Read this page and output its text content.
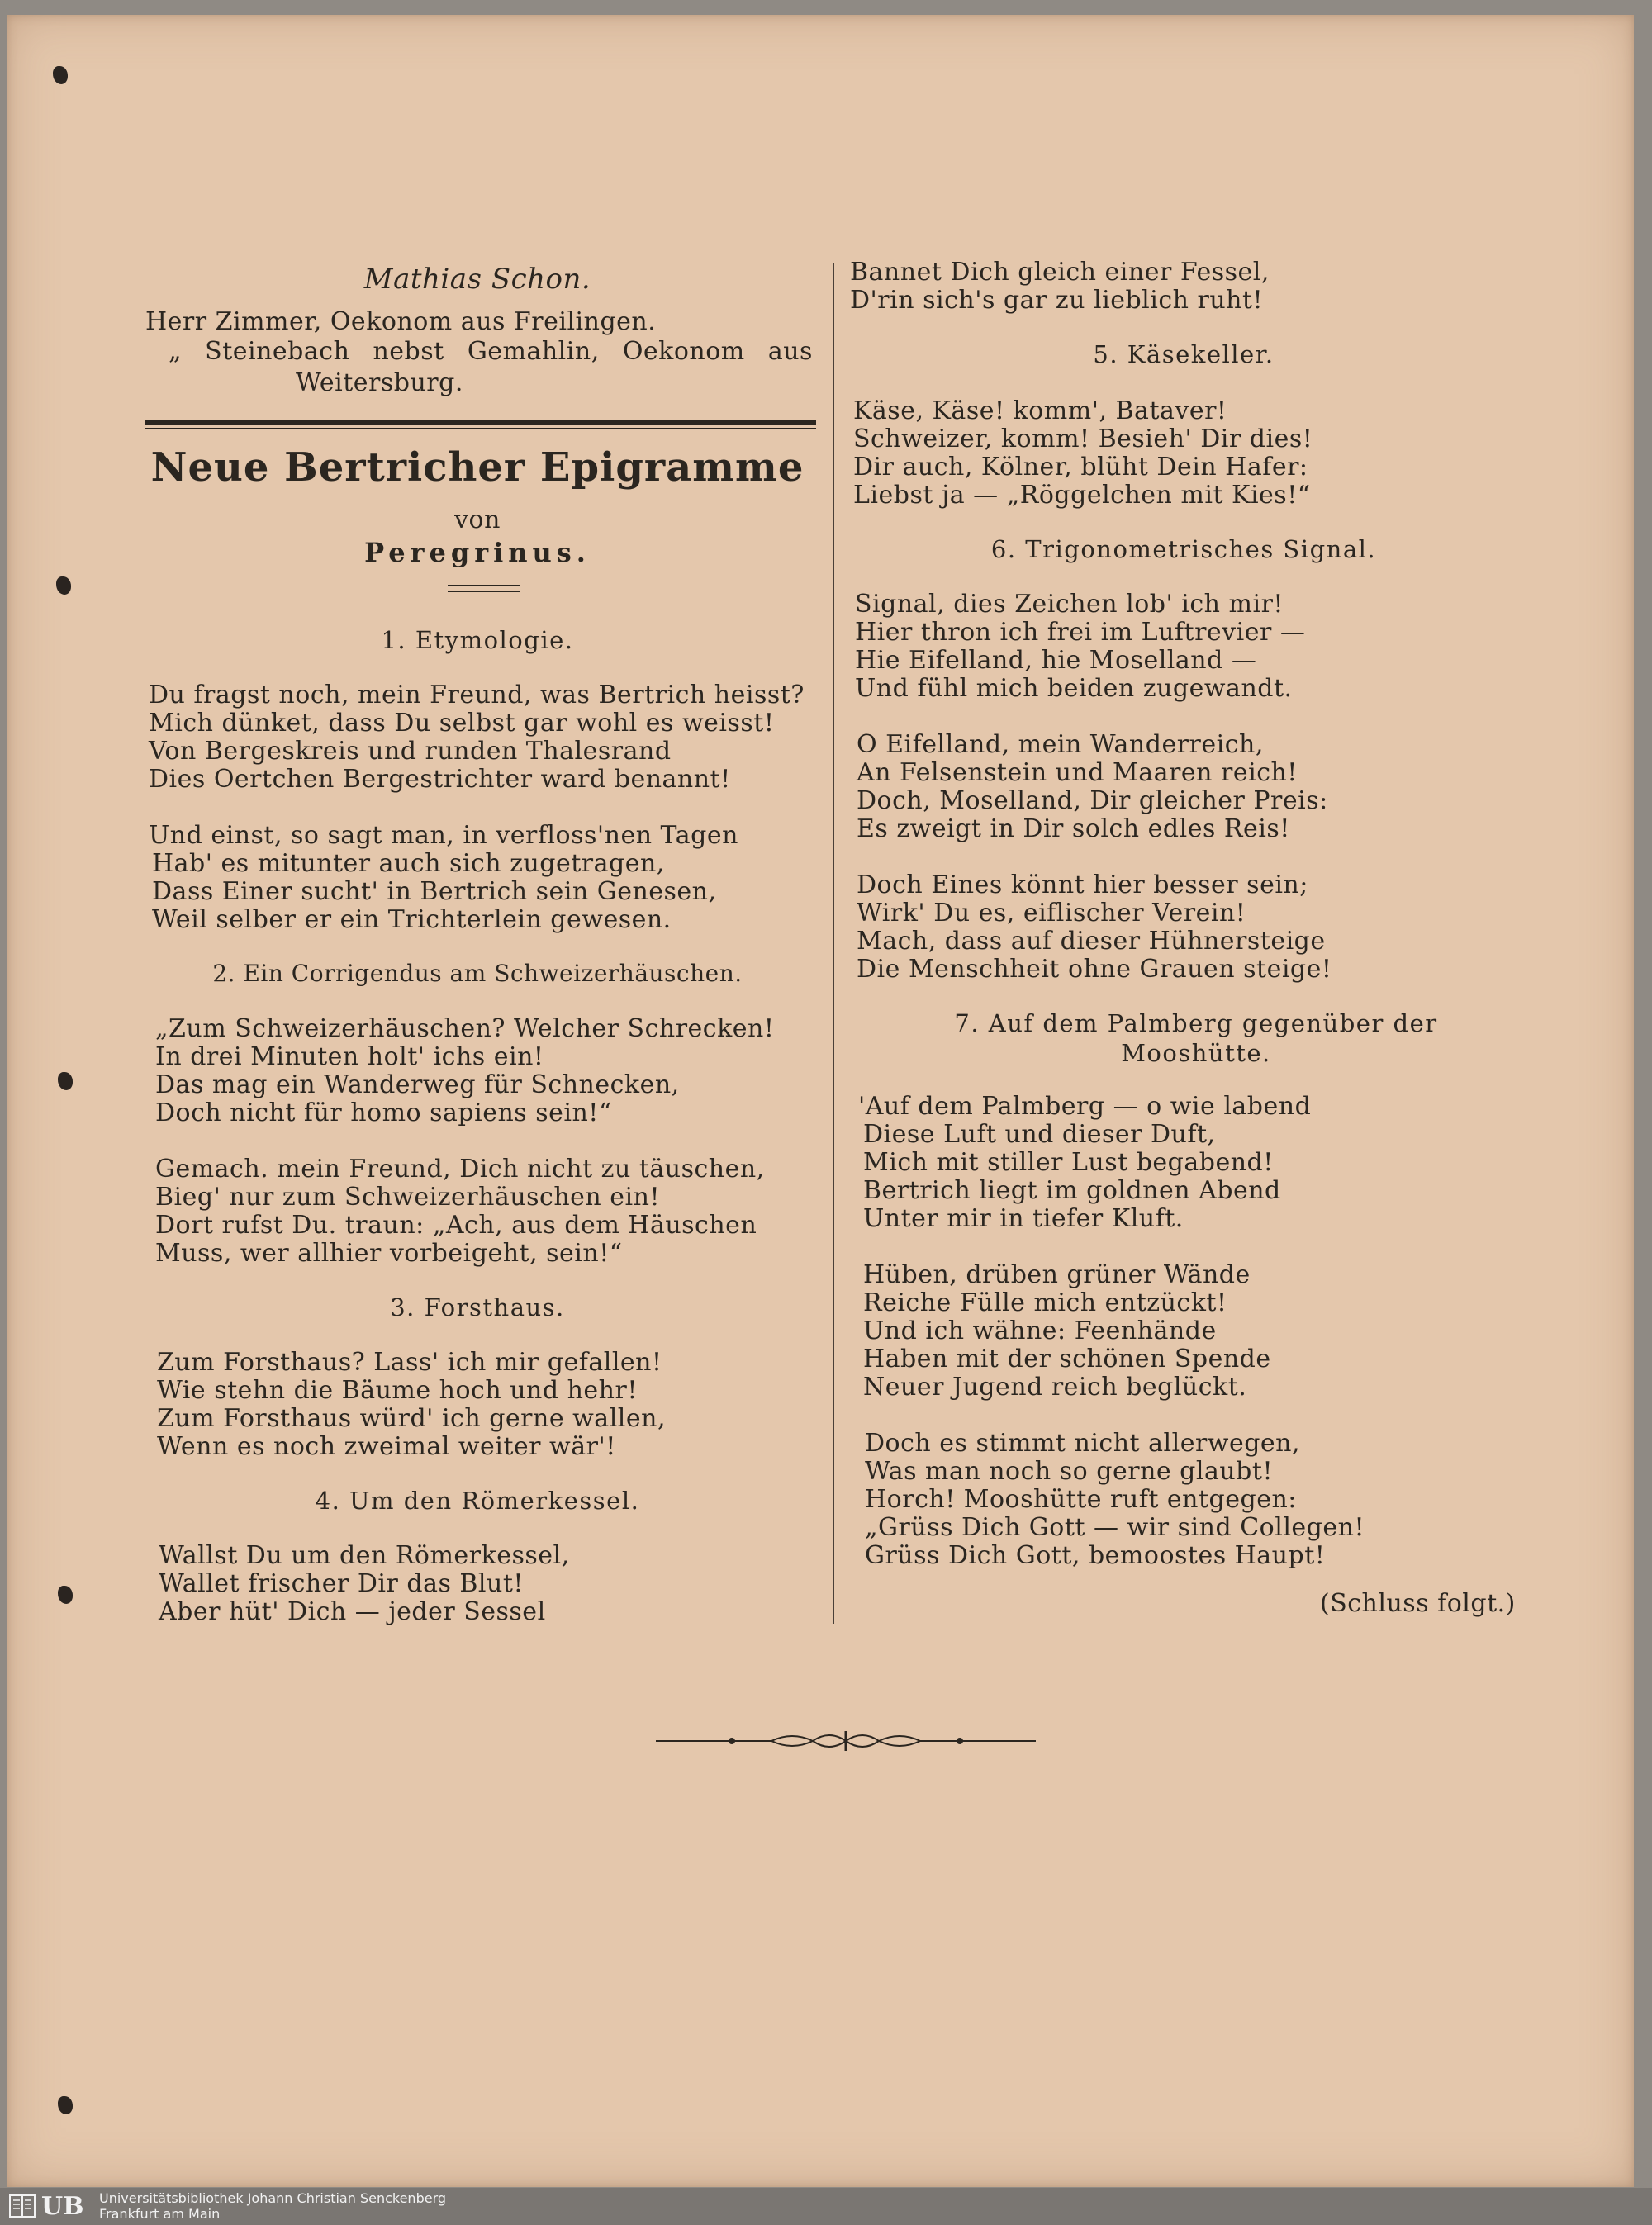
Mathias Schon.
Herr Zimmer, Oekonom aus Freilingen.
„ Steinebach nebst Gemahlin, Oekonom aus
Weitersburg.
Neue Bertricher Epigramme
von
Peregrinus.
1. Etymologie.
Du fragst noch, mein Freund, was Bertrich heisst?
Mich dünket, dass Du selbst gar wohl es weisst!
Von Bergeskreis und runden Thalesrand
Dies Oertchen Bergestrichter ward benannt!
Und einst, so sagt man, in verfloss'nen Tagen
Hab' es mitunter auch sich zugetragen,
Dass Einer sucht' in Bertrich sein Genesen,
Weil selber er ein Trichterlein gewesen.
2. Ein Corrigendus am Schweizerhäuschen.
„Zum Schweizerhäuschen? Welcher Schrecken!
In drei Minuten holt' ichs ein!
Das mag ein Wanderweg für Schnecken,
Doch nicht für homo sapiens sein!“
Gemach. mein Freund, Dich nicht zu täuschen,
Bieg' nur zum Schweizerhäuschen ein!
Dort rufst Du. traun: „Ach, aus dem Häuschen
Muss, wer allhier vorbeigeht, sein!“
3. Forsthaus.
Zum Forsthaus? Lass' ich mir gefallen!
Wie stehn die Bäume hoch und hehr!
Zum Forsthaus würd' ich gerne wallen,
Wenn es noch zweimal weiter wär'!
4. Um den Römerkessel.
Wallst Du um den Römerkessel,
Wallet frischer Dir das Blut!
Aber hüt' Dich — jeder Sessel
Bannet Dich gleich einer Fessel,
D'rin sich's gar zu lieblich ruht!
5. Käsekeller.
Käse, Käse! komm', Bataver!
Schweizer, komm! Besieh' Dir dies!
Dir auch, Kölner, blüht Dein Hafer:
Liebst ja — „Röggelchen mit Kies!“
6. Trigonometrisches Signal.
Signal, dies Zeichen lob' ich mir!
Hier thron ich frei im Luftrevier —
Hie Eifelland, hie Moselland —
Und fühl mich beiden zugewandt.
O Eifelland, mein Wanderreich,
An Felsenstein und Maaren reich!
Doch, Moselland, Dir gleicher Preis:
Es zweigt in Dir solch edles Reis!
Doch Eines könnt hier besser sein;
Wirk' Du es, eiflischer Verein!
Mach, dass auf dieser Hühnersteige
Die Menschheit ohne Grauen steige!
7. Auf dem Palmberg gegenüber der
Mooshütte.
'Auf dem Palmberg — o wie labend
Diese Luft und dieser Duft,
Mich mit stiller Lust begabend!
Bertrich liegt im goldnen Abend
Unter mir in tiefer Kluft.
Hüben, drüben grüner Wände
Reiche Fülle mich entzückt!
Und ich wähne: Feenhände
Haben mit der schönen Spende
Neuer Jugend reich beglückt.
Doch es stimmt nicht allerwegen,
Was man noch so gerne glaubt!
Horch! Mooshütte ruft entgegen:
„Grüss Dich Gott — wir sind Collegen!
Grüss Dich Gott, bemoostes Haupt!
(Schluss folgt.)
UB Universitätsbibliothek Johann Christian Senckenberg
Frankfurt am Main
